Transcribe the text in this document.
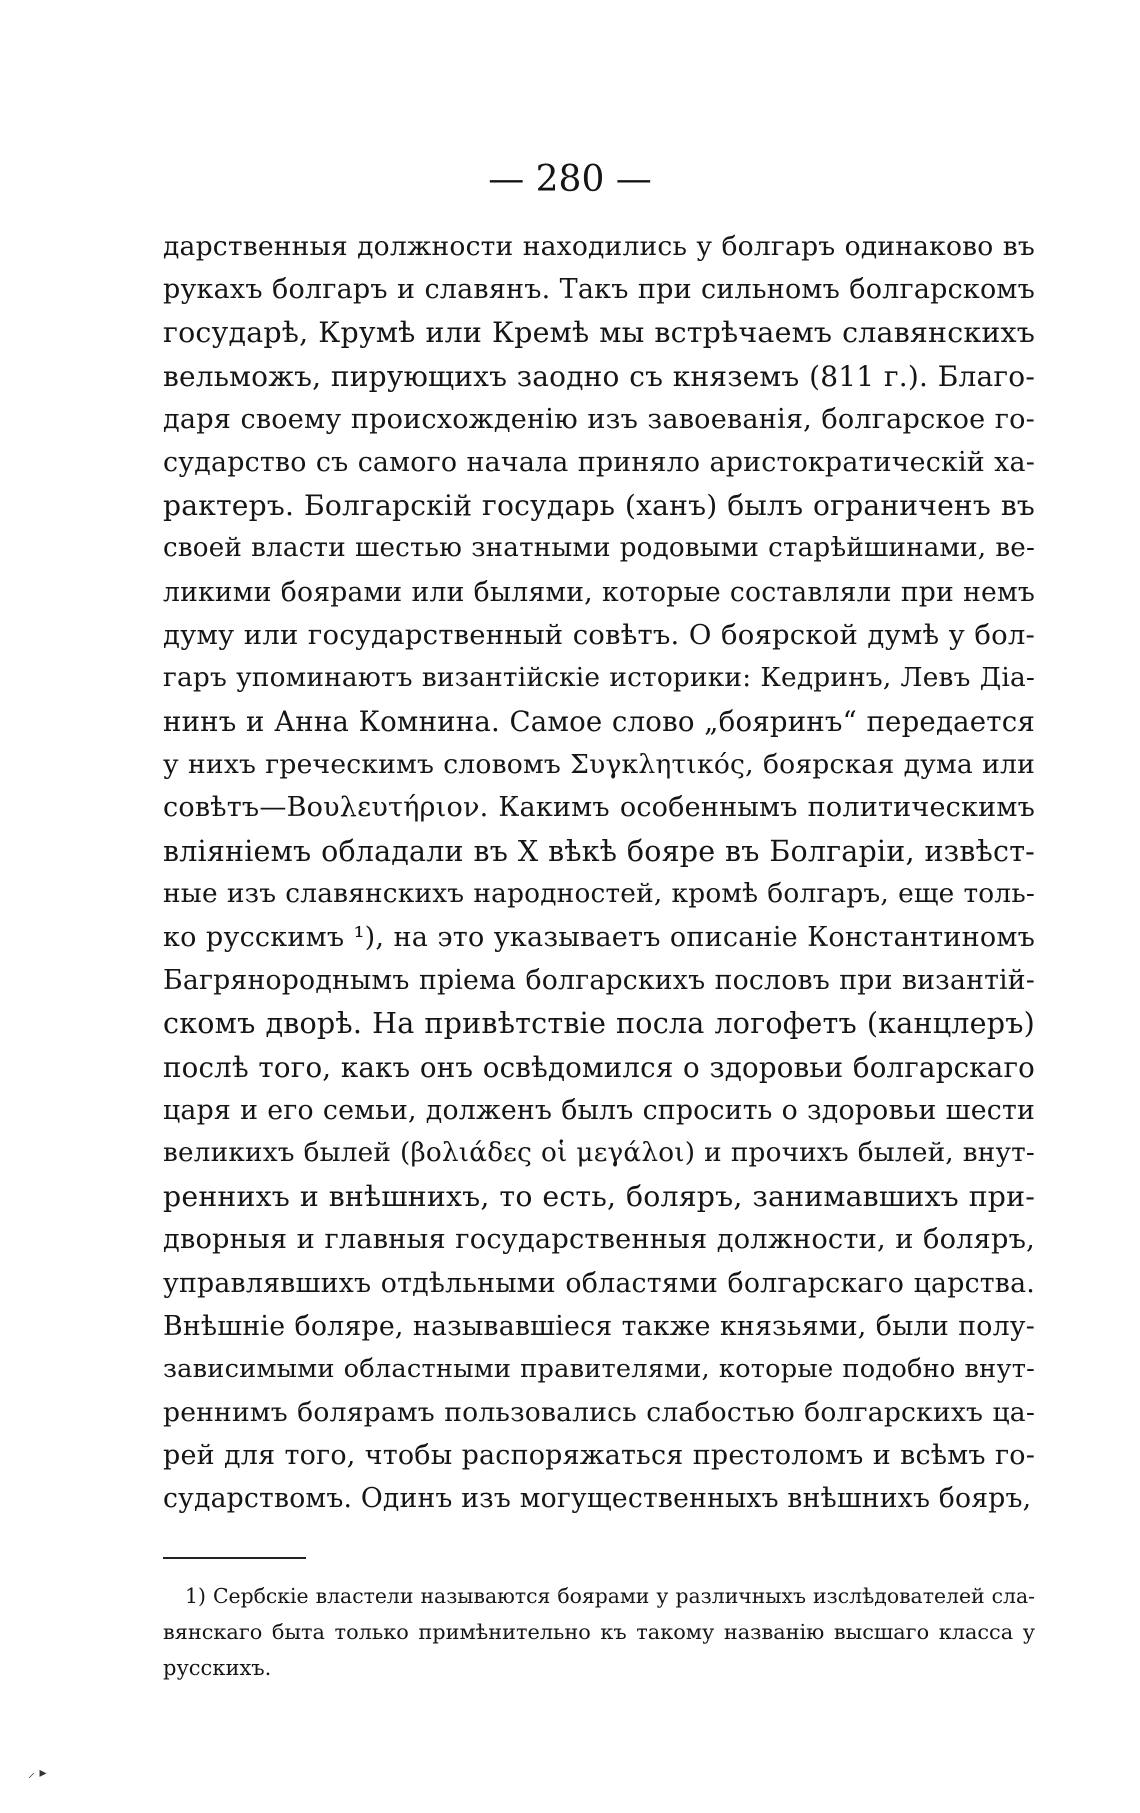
— 280 —
дарственныя должности находились у болгаръ одинаково въ
рукахъ болгаръ и славянъ. Такъ при сильномъ болгарскомъ
государѣ, Крумѣ или Кремѣ мы встрѣчаемъ славянскихъ
вельможъ, пирующихъ заодно съ княземъ (811 г.). Благо-
даря своему происхожденію изъ завоеванія, болгарское го-
сударство съ самого начала приняло аристократическій ха-
рактеръ. Болгарскій государь (ханъ) былъ ограниченъ въ
своей власти шестью знатными родовыми старѣйшинами, ве-
ликими боярами или былями, которые составляли при немъ
думу или государственный совѣтъ. О боярской думѣ у бол-
гаръ упоминаютъ византійскіе историки: Кедринъ, Левъ Діа-
нинъ и Анна Комнина. Самое слово „бояринъ“ передается
у нихъ греческимъ словомъ Συγκλητικός, боярская дума или
совѣтъ—Βουλευτήριον. Какимъ особеннымъ политическимъ
вліяніемъ обладали въ X вѣкѣ бояре въ Болгаріи, извѣст-
ные изъ славянскихъ народностей, кромѣ болгаръ, еще толь-
ко русскимъ ¹), на это указываетъ описаніе Константиномъ
Багрянороднымъ пріема болгарскихъ пословъ при византій-
скомъ дворѣ. На привѣтствіе посла логофетъ (канцлеръ)
послѣ того, какъ онъ освѣдомился о здоровьи болгарскаго
царя и его семьи, долженъ былъ спросить о здоровьи шести
великихъ былей (βολιάδες οἱ μεγάλοι) и прочихъ былей, внут-
реннихъ и внѣшнихъ, то есть, боляръ, занимавшихъ при-
дворныя и главныя государственныя должности, и боляръ,
управлявшихъ отдѣльными областями болгарскаго царства.
Внѣшніе боляре, называвшіеся также князьями, были полу-
зависимыми областными правителями, которые подобно внут-
реннимъ болярамъ пользовались слабостью болгарскихъ ца-
рей для того, чтобы распоряжаться престоломъ и всѣмъ го-
сударствомъ. Одинъ изъ могущественныхъ внѣшнихъ бояръ,
1) Сербскіе властели называются боярами у различныхъ изслѣдователей сла-
вянскаго быта только примѣнительно къ такому названію высшаго класса у
русскихъ.
⸝ ▸
